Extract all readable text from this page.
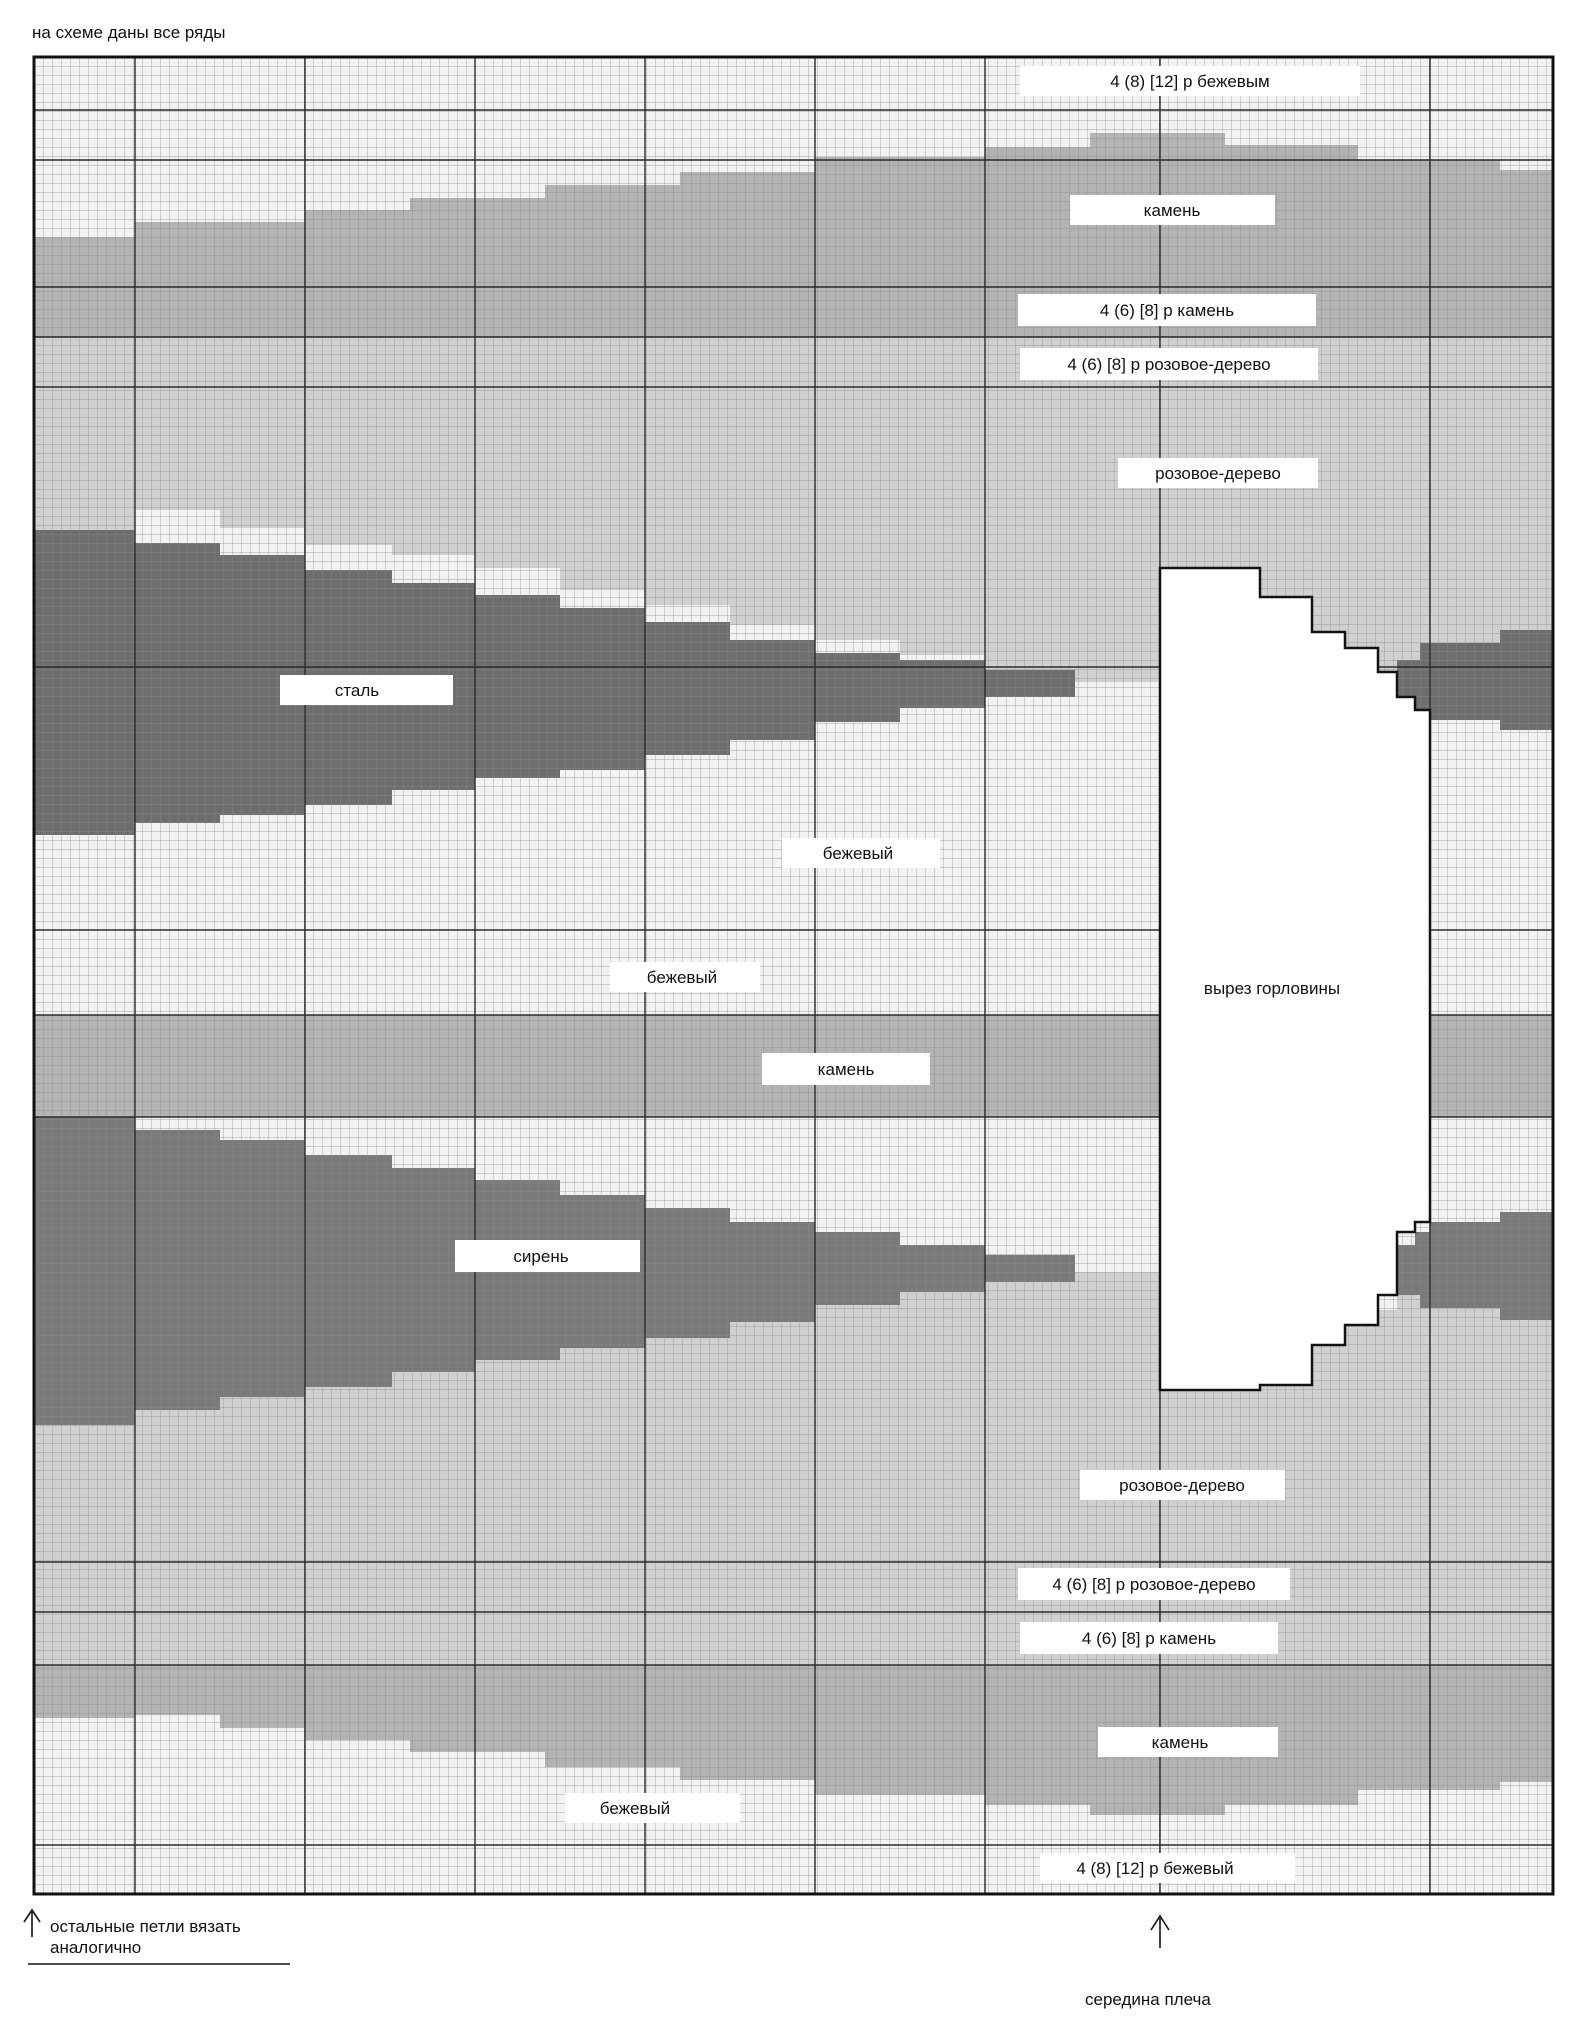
4 (8) [12] р бежевым
камень
4 (6) [8] р камень
4 (6) [8] р розовое-дерево
розовое-дерево
сталь
бежевый
бежевый
вырез горловины
камень
сирень
розовое-дерево
4 (6) [8] р розовое-дерево
4 (6) [8] р камень
камень
бежевый
4 (8) [12] р бежевый
на схеме даны все ряды
остальные петли вязать
аналогично
середина плеча
